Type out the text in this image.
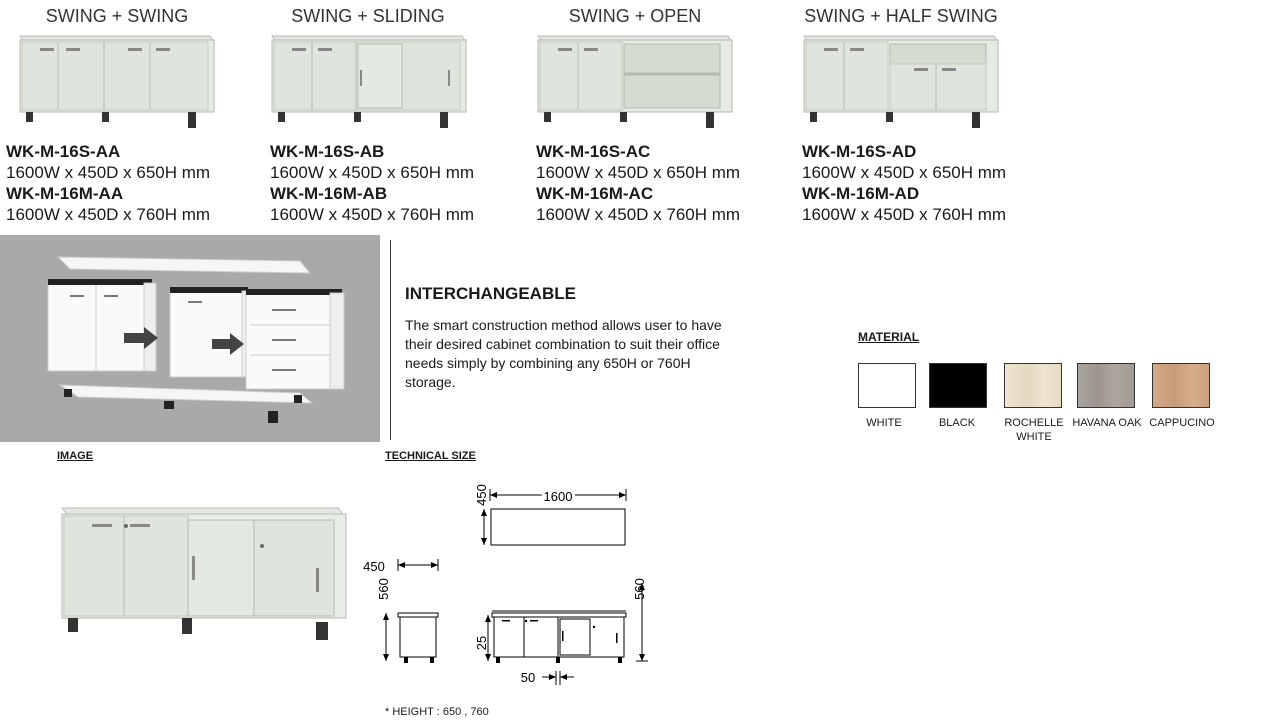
SWING + SWING	SWING + SLIDING	SWING + OPEN	SWING + HALF SWING
WK-M-16S-AA
1600W x 450D x 650H mm
WK-M-16M-AA
1600W x 450D x 760H mm
WK-M-16S-AB
1600W x 450D x 650H mm
WK-M-16M-AB
1600W x 450D x 760H mm
WK-M-16S-AC
1600W x 450D x 650H mm
WK-M-16M-AC
1600W x 450D x 760H mm
WK-M-16S-AD
1600W x 450D x 650H mm
WK-M-16M-AD
1600W x 450D x 760H mm
INTERCHANGEABLE
The smart construction method allows user to have their desired cabinet combination to suit their office needs simply by combining any 650H or 760H storage.
MATERIAL
WHITE	BLACK	ROCHELLE WHITE
HAVANA OAK CAPPUCINO
IMAGE	TECHNICAL SIZE
1600
450
450
560	560
25
50
* HEIGHT : 650 , 760
